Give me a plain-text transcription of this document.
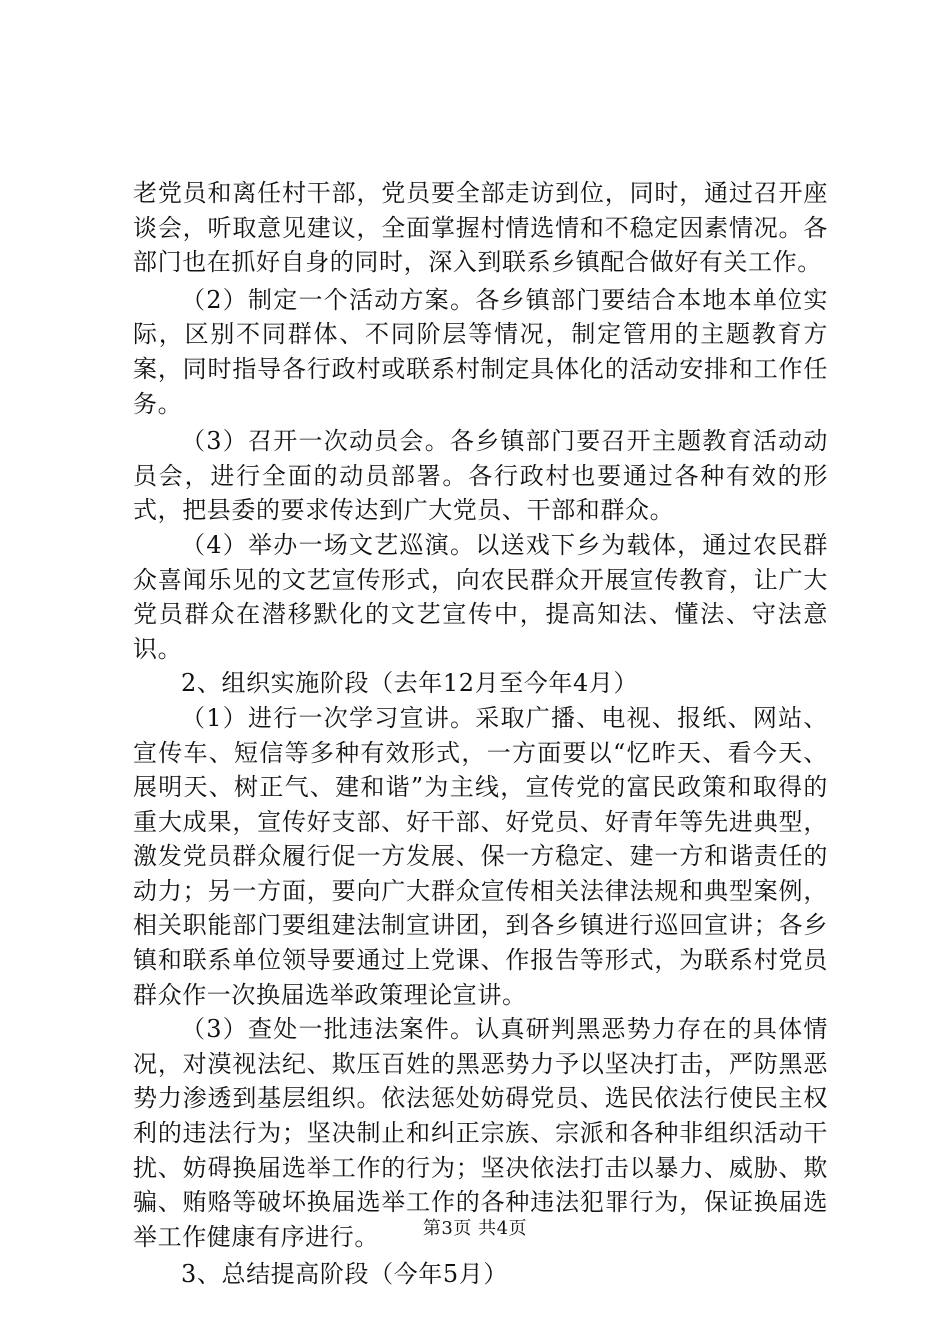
老党员和离任村干部，党员要全部走访到位，同时，通过召开座谈会，听取意见建议，全面掌握村情选情和不稳定因素情况。各部门也在抓好自身的同时，深入到联系乡镇配合做好有关工作。

（2）制定一个活动方案。各乡镇部门要结合本地本单位实际，区别不同群体、不同阶层等情况，制定管用的主题教育方案，同时指导各行政村或联系村制定具体化的活动安排和工作任务。

（3）召开一次动员会。各乡镇部门要召开主题教育活动动员会，进行全面的动员部署。各行政村也要通过各种有效的形式，把县委的要求传达到广大党员、干部和群众。

（4）举办一场文艺巡演。以送戏下乡为载体，通过农民群众喜闻乐见的文艺宣传形式，向农民群众开展宣传教育，让广大党员群众在潜移默化的文艺宣传中，提高知法、懂法、守法意识。

2、组织实施阶段（去年12月至今年4月）

（1）进行一次学习宣讲。采取广播、电视、报纸、网站、宣传车、短信等多种有效形式，一方面要以“忆昨天、看今天、展明天、树正气、建和谐”为主线，宣传党的富民政策和取得的重大成果，宣传好支部、好干部、好党员、好青年等先进典型，激发党员群众履行促一方发展、保一方稳定、建一方和谐责任的动力；另一方面，要向广大群众宣传相关法律法规和典型案例，相关职能部门要组建法制宣讲团，到各乡镇进行巡回宣讲；各乡镇和联系单位领导要通过上党课、作报告等形式，为联系村党员群众作一次换届选举政策理论宣讲。

（3）查处一批违法案件。认真研判黑恶势力存在的具体情况，对漠视法纪、欺压百姓的黑恶势力予以坚决打击，严防黑恶势力渗透到基层组织。依法惩处妨碍党员、选民依法行使民主权利的违法行为；坚决制止和纠正宗族、宗派和各种非组织活动干扰、妨碍换届选举工作的行为；坚决依法打击以暴力、威胁、欺骗、贿赂等破坏换届选举工作的各种违法犯罪行为，保证换届选举工作健康有序进行。

3、总结提高阶段（今年5月）

第3页 共4页
